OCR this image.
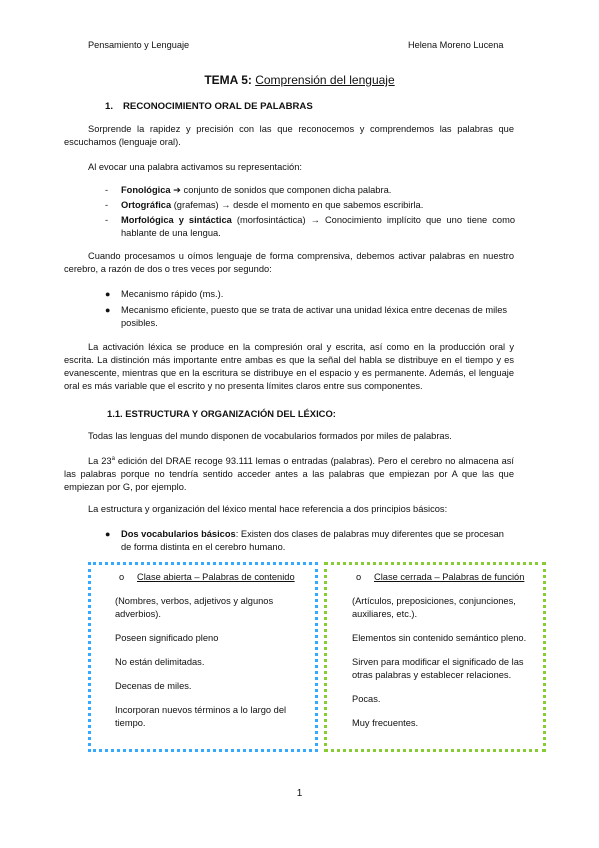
Pensamiento y Lenguaje	Helena Moreno Lucena
TEMA 5: Comprensión del lenguaje
1. RECONOCIMIENTO ORAL DE PALABRAS
Sorprende la rapidez y precisión con las que reconocemos y comprendemos las palabras que escuchamos (lenguaje oral).
Al evocar una palabra activamos su representación:
- Fonológica ➔ conjunto de sonidos que componen dicha palabra.
- Ortográfica (grafemas) → desde el momento en que sabemos escribirla.
- Morfológica y sintáctica (morfosintáctica) → Conocimiento implícito que uno tiene como hablante de una lengua.
Cuando procesamos u oímos lenguaje de forma comprensiva, debemos activar palabras en nuestro cerebro, a razón de dos o tres veces por segundo:
● Mecanismo rápido (ms.).
● Mecanismo eficiente, puesto que se trata de activar una unidad léxica entre decenas de miles posibles.
La activación léxica se produce en la compresión oral y escrita, así como en la producción oral y escrita. La distinción más importante entre ambas es que la señal del habla se distribuye en el tiempo y es evanescente, mientras que en la escritura se distribuye en el espacio y es permanente. Además, el lenguaje oral es más variable que el escrito y no presenta límites claros entre sus componentes.
1.1. ESTRUCTURA Y ORGANIZACIÓN DEL LÉXICO:
Todas las lenguas del mundo disponen de vocabularios formados por miles de palabras.
La 23$^a$ edición del DRAE recoge 93.111 lemas o entradas (palabras). Pero el cerebro no almacena así las palabras porque no tendría sentido acceder antes a las palabras que empiezan por A que las que empiezan por G, por ejemplo.
La estructura y organización del léxico mental hace referencia a dos principios básicos:
● Dos vocabularios básicos: Existen dos clases de palabras muy diferentes que se procesan de forma distinta en el cerebro humano.
o Clase abierta – Palabras de contenido

(Nombres, verbos, adjetivos y algunos adverbios).

Poseen significado pleno

No están delimitadas.

Decenas de miles.

Incorporan nuevos términos a lo largo del tiempo.

o Clase cerrada – Palabras de función

(Artículos, preposiciones, conjunciones, auxiliares, etc.).

Elementos sin contenido semántico pleno.

Sirven para modificar el significado de las otras palabras y establecer relaciones.

Pocas.

Muy frecuentes.

1
